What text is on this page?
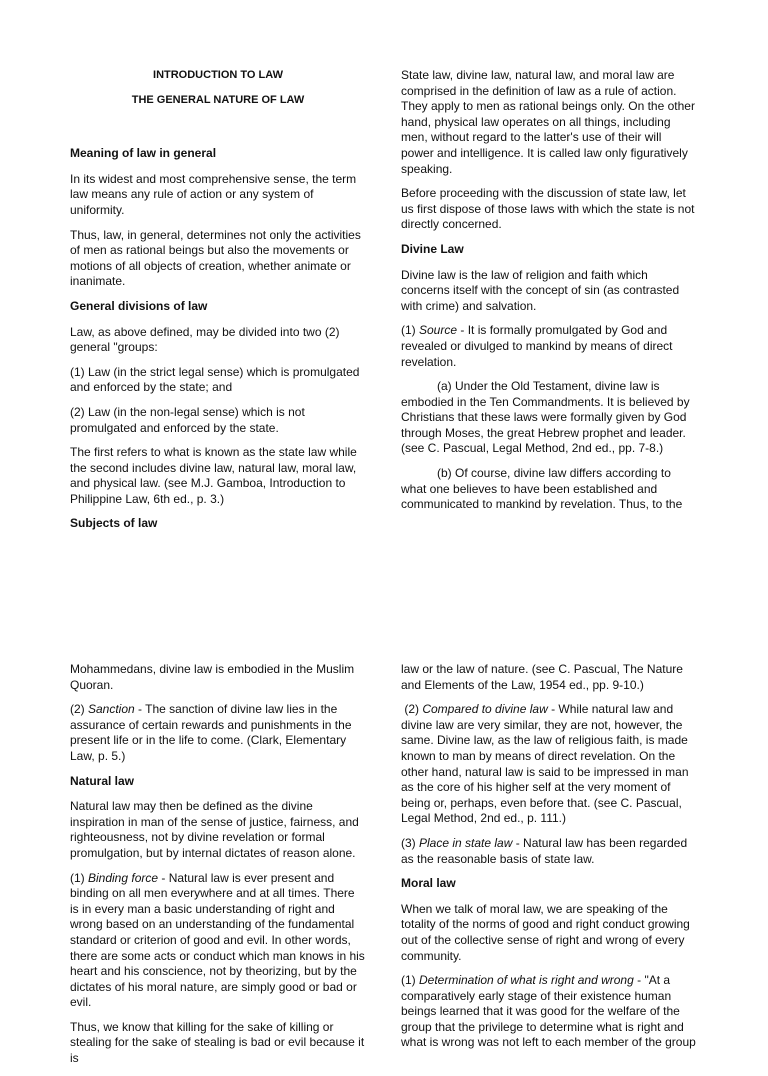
INTRODUCTION TO LAW

THE GENERAL NATURE OF LAW

Meaning of law in general

In its widest and most comprehensive sense, the term law means any rule of action or any system of uniformity.

Thus, law, in general, determines not only the activities of men as rational beings but also the movements or motions of all objects of creation, whether animate or inanimate.

General divisions of law

Law, as above defined, may be divided into two (2) general "groups:

(1) Law (in the strict legal sense) which is promulgated and enforced by the state; and

(2) Law (in the non-legal sense) which is not promulgated and enforced by the state.

The first refers to what is known as the state law while the second includes divine law, natural law, moral law, and physical law. (see M.J. Gamboa, Introduction to Philippine Law, 6th ed., p. 3.)

Subjects of law

State law, divine law, natural law, and moral law are comprised in the definition of law as a rule of action. They apply to men as rational beings only. On the other hand, physical law operates on all things, including men, without regard to the latter's use of their will power and intelligence. It is called law only figuratively speaking.

Before proceeding with the discussion of state law, let us first dispose of those laws with which the state is not directly concerned.

Divine Law

Divine law is the law of religion and faith which concerns itself with the concept of sin (as contrasted with crime) and salvation.

(1) Source - It is formally promulgated by God and revealed or divulged to mankind by means of direct revelation.

(a) Under the Old Testament, divine law is embodied in the Ten Commandments. It is believed by Christians that these laws were formally given by God through Moses, the great Hebrew prophet and leader. (see C. Pascual, Legal Method, 2nd ed., pp. 7-8.)

(b) Of course, divine law differs according to what one believes to have been established and communicated to mankind by revelation. Thus, to the

Mohammedans, divine law is embodied in the Muslim Quoran.

(2) Sanction - The sanction of divine law lies in the assurance of certain rewards and punishments in the present life or in the life to come. (Clark, Elementary Law, p. 5.)

Natural law

Natural law may then be defined as the divine inspiration in man of the sense of justice, fairness, and righteousness, not by divine revelation or formal promulgation, but by internal dictates of reason alone.

(1) Binding force - Natural law is ever present and binding on all men everywhere and at all times. There is in every man a basic understanding of right and wrong based on an understanding of the fundamental standard or criterion of good and evil. In other words, there are some acts or conduct which man knows in his heart and his conscience, not by theorizing, but by the dictates of his moral nature, are simply good or bad or evil.

Thus, we know that killing for the sake of killing or stealing for the sake of stealing is bad or evil because it is

law or the law of nature. (see C. Pascual, The Nature and Elements of the Law, 1954 ed., pp. 9-10.)

(2) Compared to divine law - While natural law and divine law are very similar, they are not, however, the same. Divine law, as the law of religious faith, is made known to man by means of direct revelation. On the other hand, natural law is said to be impressed in man as the core of his higher self at the very moment of being or, perhaps, even before that. (see C. Pascual, Legal Method, 2nd ed., p. 111.)

(3) Place in state law - Natural law has been regarded as the reasonable basis of state law.

Moral law

When we talk of moral law, we are speaking of the totality of the norms of good and right conduct growing out of the collective sense of right and wrong of every community.

(1) Determination of what is right and wrong - "At a comparatively early stage of their existence human beings learned that it was good for the welfare of the group that the privilege to determine what is right and what is wrong was not left to each member of the group
